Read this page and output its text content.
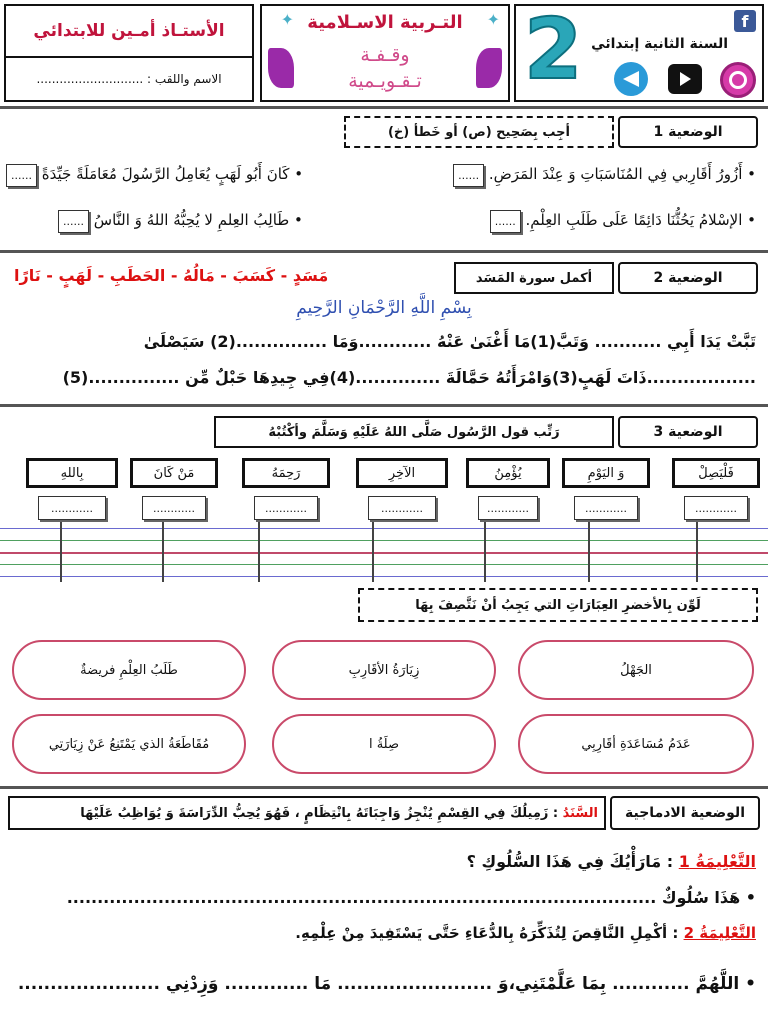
f
السنة الثانية إبتدائي
2
التـربية الاسـلامية
وقـفـة
تـقـويـمية
✦
✦
الأستـاذ أمـين للابتدائي
الاسم واللقب : ............................
الوضعية 1
أجِب بِصَحِيح (ص) أو خَطأ (خ)
• أَزُورُ أَقَارِبي فِي المُنَاسَبَاتِ وَ عِنْدَ المَرَضِ. ......
• كَانَ أَبُو لَهَبٍ يُعَامِلُ الرَّسُولَ مُعَامَلَةً جَيِّدَةً ......
• الإسْلامُ يَحُثُّنَا دَائِمًا عَلَى طَلَبِ العِلْمِ. ......
• طَالِبُ العِلمِ لا يُحِبُّهُ اللهُ وَ النَّاسُ ......
الوضعية 2
أكمل سورة المَسَد
مَسَدٍ - كَسَبَ - مَالُهُ - الحَطَبِ - لَهَبٍ - نَارًا
بِسْمِ اللَّهِ الرَّحْمَانِ الرَّحِيمِ
تَبَّتْ يَدَا أَبِي ........... وَتَبَّ(1)مَا أَغْنَىٰ عَنْهُ ............وَمَا ...............(2) سَيَصْلَىٰ
..................ذَاتَ لَهَبٍ(3)وَامْرَأَتُهُ حَمَّالَةَ ..............(4)فِي جِيدِهَا حَبْلٌ مِّن ...............(5)
الوضعية 3
رَتِّب قول الرَّسُول صَلَّى اللهُ عَلَيْهِ وَسَلَّمَ وأكْتُبْهُ
فَلْيَصِلْ
............
وَ اليَوْمِ
............
يُؤْمِنُ
............
الآخِرِ
............
رَحِمَهُ
............
مَنْ كَانَ
............
بِاللهِ
............
لَوِّن بِالأخضرِ العِبَارَاتِ التي يَجِبُ أنْ نَتَّصِفَ بِهَا
الجَهْلُ
زِيَارَةُ الأقَارِبِ
طَلَبُ العِلْمِ فريضةٌ
عَدَمُ مُسَاعَدَةِ أقَارِبِي
صِلَةُ ا
مُقَاطَعَةُ الذي يَمْتَنِعُ عَنْ زِيَارَتِي
الوضعية الادماجية
السَّنَدُ

: زَمِيلُكَ فِي القِسْمِ يُنْجِزُ وَاجِبَاتَهُ بِانْتِظَامٍ ، فَهُوَ يُحِبُّ الدِّرَاسَةَ وَ يُوَاظِبُ عَلَيْهَا
التَّعْلِيمَةُ 1 : مَارَأْيُكَ فِي هَذَا السُّلُوكِ ؟
• هَذَا سُلُوكٌ .................................................................................................
التَّعْلِيمَةُ 2 : أكْمِلِ النَّاقِصَ لِتُذَكِّرَهُ بِالدُّعَاءِ حَتَّى يَسْتَفِيدَ مِنْ عِلْمِهِ.
• اللَّهُمَّ ............ بِمَا عَلَّمْتَنِي،وَ ........................ مَا ............. وَزِدْنِي ......................
